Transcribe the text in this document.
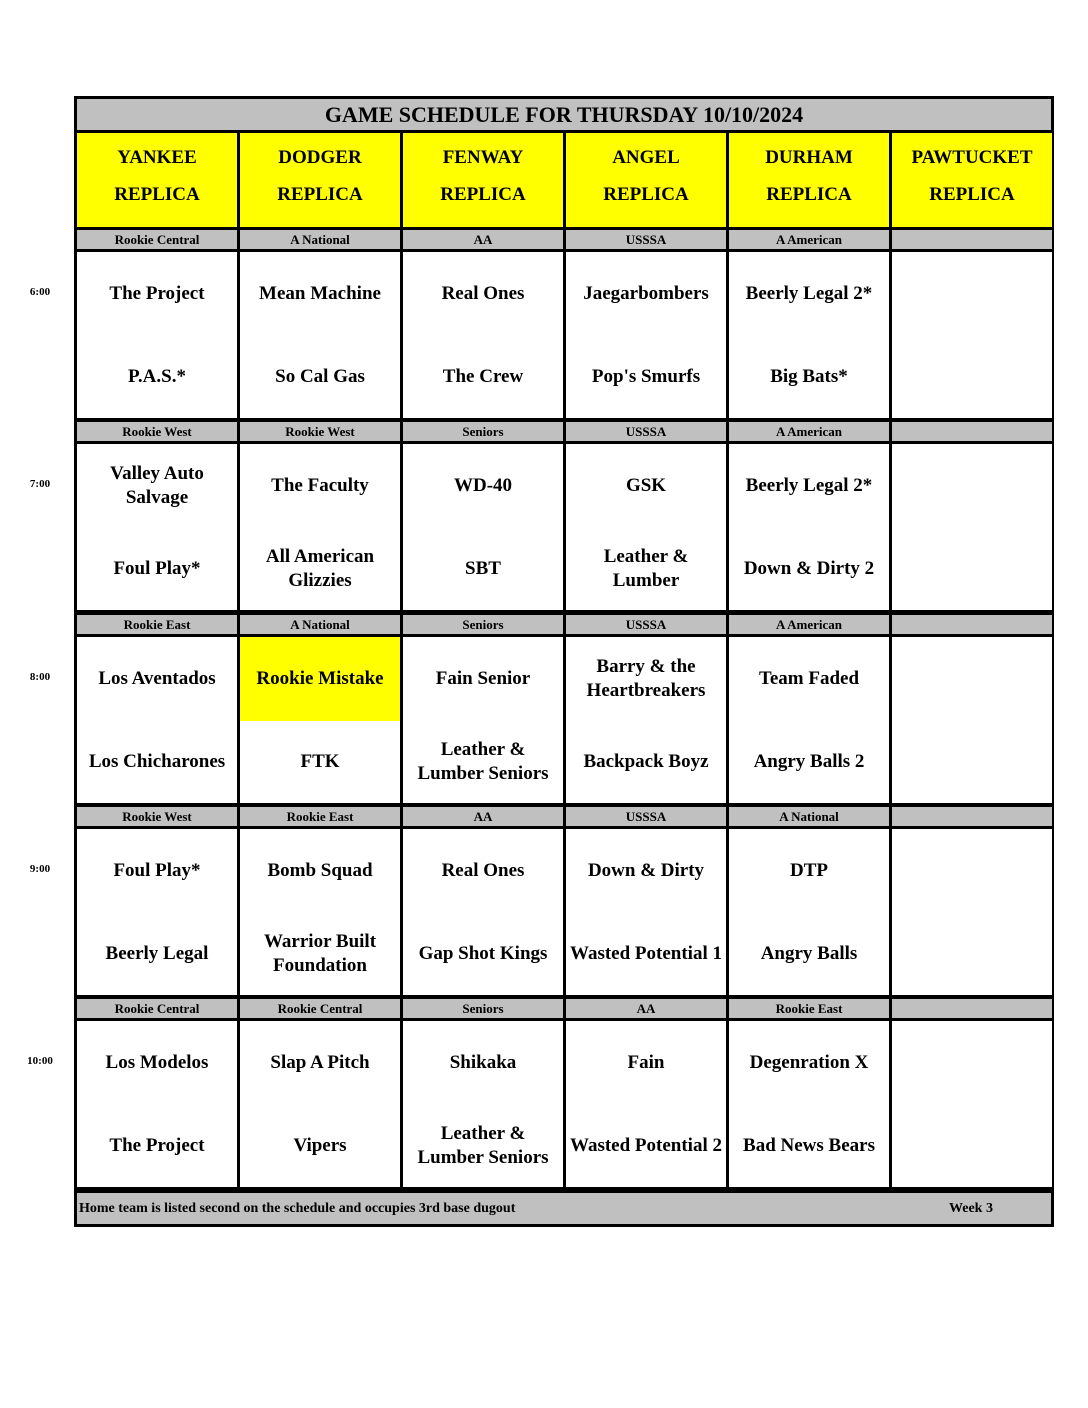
GAME SCHEDULE FOR THURSDAY 10/10/2024
Home team is listed second on the schedule and occupies 3rd base dugout	Week 3
YANKEE
REPLICA
DODGER
REPLICA
FENWAY
REPLICA
ANGEL
REPLICA
DURHAM
REPLICA
PAWTUCKET
REPLICA
Rookie Central
The Project
P.A.S.*
A National
Mean Machine
So Cal Gas
AA
Real Ones
The Crew
USSSA
Jaegarbombers
Pop's Smurfs
A American
Beerly Legal 2*
Big Bats*
Rookie West
Valley Auto Salvage
Foul Play*
Rookie West
The Faculty
All American Glizzies
Seniors
WD-40
SBT
USSSA
GSK
Leather & Lumber
A American
Beerly Legal 2*
Down & Dirty 2
Rookie East
Los Aventados
Los Chicharones
A National
Rookie Mistake
FTK
Seniors
Fain Senior
Leather & Lumber Seniors
USSSA
Barry & the Heartbreakers
Backpack Boyz
A American
Team Faded
Angry Balls 2
Rookie West
Foul Play*
Beerly Legal
Rookie East
Bomb Squad
Warrior Built Foundation
AA
Real Ones
Gap Shot Kings
USSSA
Down & Dirty
Wasted Potential 1
A National
DTP
Angry Balls
Rookie Central
Los Modelos
The Project
Rookie Central
Slap A Pitch
Vipers
Seniors
Shikaka
Leather & Lumber Seniors
AA
Fain
Wasted Potential 2
Rookie East
Degenration X
Bad News Bears
6:00
7:00
8:00
9:00
10:00
